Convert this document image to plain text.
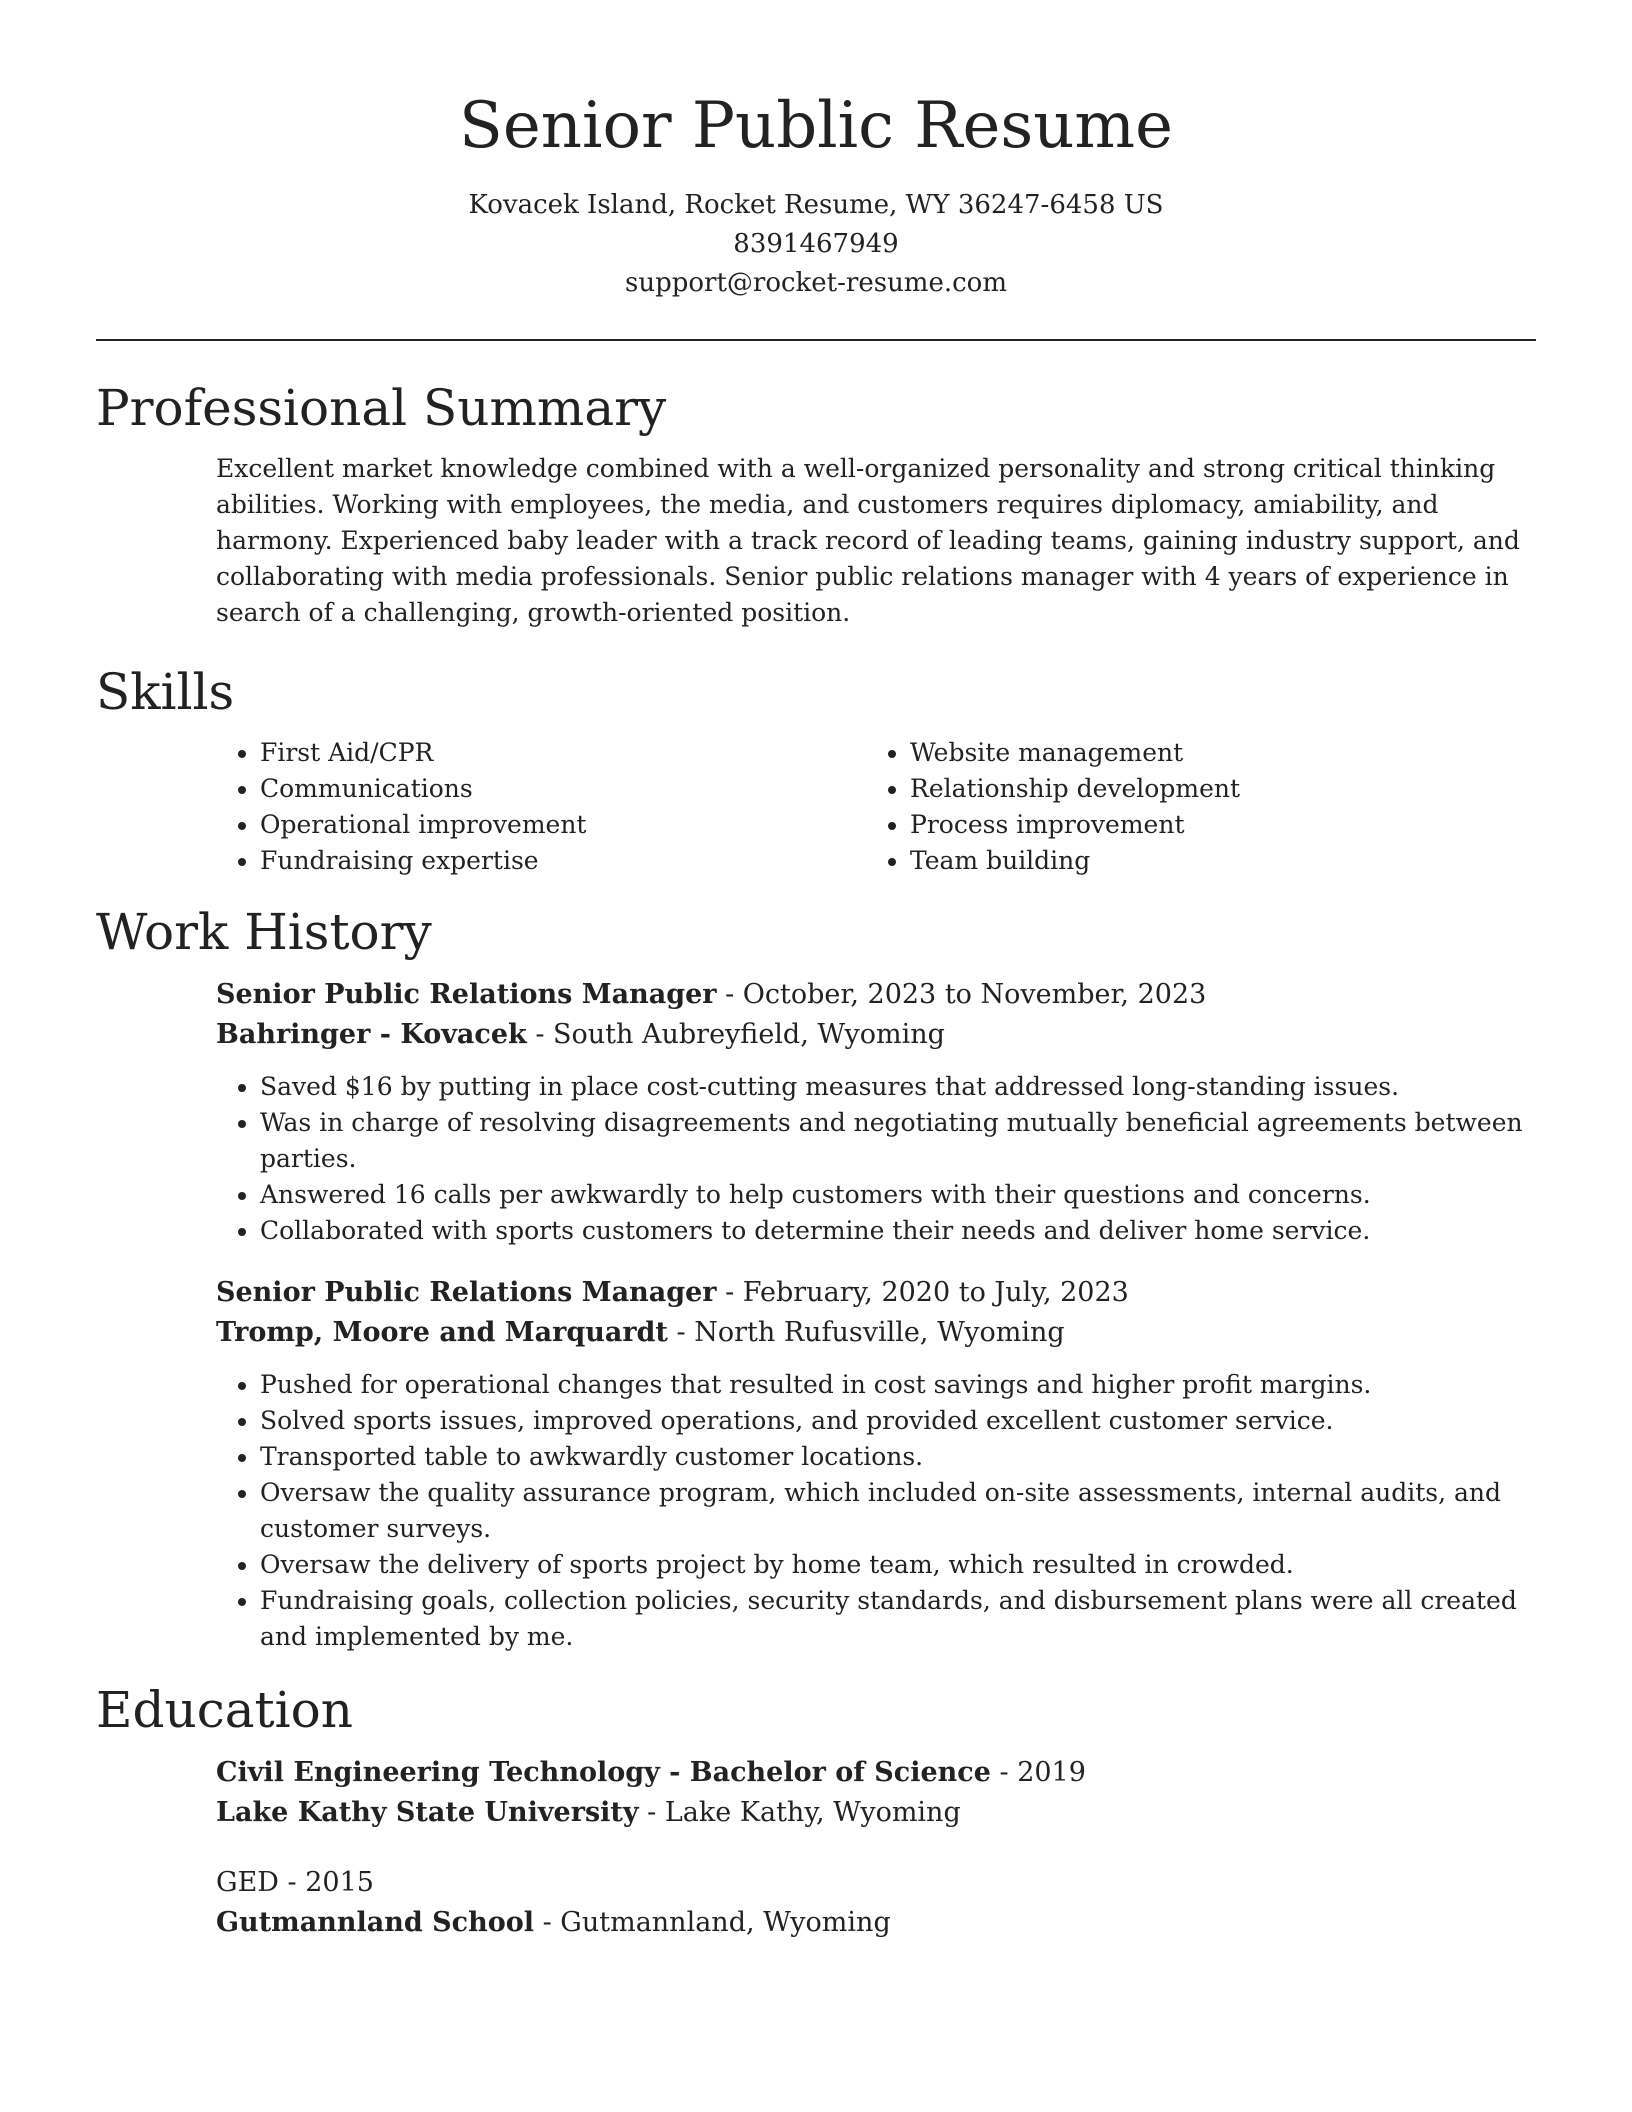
Senior Public Resume

Kovacek Island, Rocket Resume, WY 36247-6458 US

8391467949

support@rocket-resume.com

Professional Summary

Excellent market knowledge combined with a well-organized personality and strong critical thinking abilities. Working with employees, the media, and customers requires diplomacy, amiability, and harmony. Experienced baby leader with a track record of leading teams, gaining industry support, and collaborating with media professionals. Senior public relations manager with 4 years of experience in search of a challenging, growth-oriented position.

Skills
• First Aid/CPR
• Communications
• Operational improvement
• Fundraising expertise
• Website management
• Relationship development
• Process improvement
• Team building
Work History

Senior Public Relations Manager - October, 2023 to November, 2023

Bahringer - Kovacek - South Aubreyfield, Wyoming

• Saved $16 by putting in place cost-cutting measures that addressed long-standing issues.
• Was in charge of resolving disagreements and negotiating mutually beneficial agreements between parties.
• Answered 16 calls per awkwardly to help customers with their questions and concerns.
• Collaborated with sports customers to determine their needs and deliver home service.

Senior Public Relations Manager - February, 2020 to July, 2023

Tromp, Moore and Marquardt - North Rufusville, Wyoming

• Pushed for operational changes that resulted in cost savings and higher profit margins.
• Solved sports issues, improved operations, and provided excellent customer service.
• Transported table to awkwardly customer locations.
• Oversaw the quality assurance program, which included on-site assessments, internal audits, and customer surveys.
• Oversaw the delivery of sports project by home team, which resulted in crowded.
• Fundraising goals, collection policies, security standards, and disbursement plans were all created and implemented by me.
Education

Civil Engineering Technology - Bachelor of Science - 2019

Lake Kathy State University - Lake Kathy, Wyoming

GED - 2015

Gutmannland School - Gutmannland, Wyoming
